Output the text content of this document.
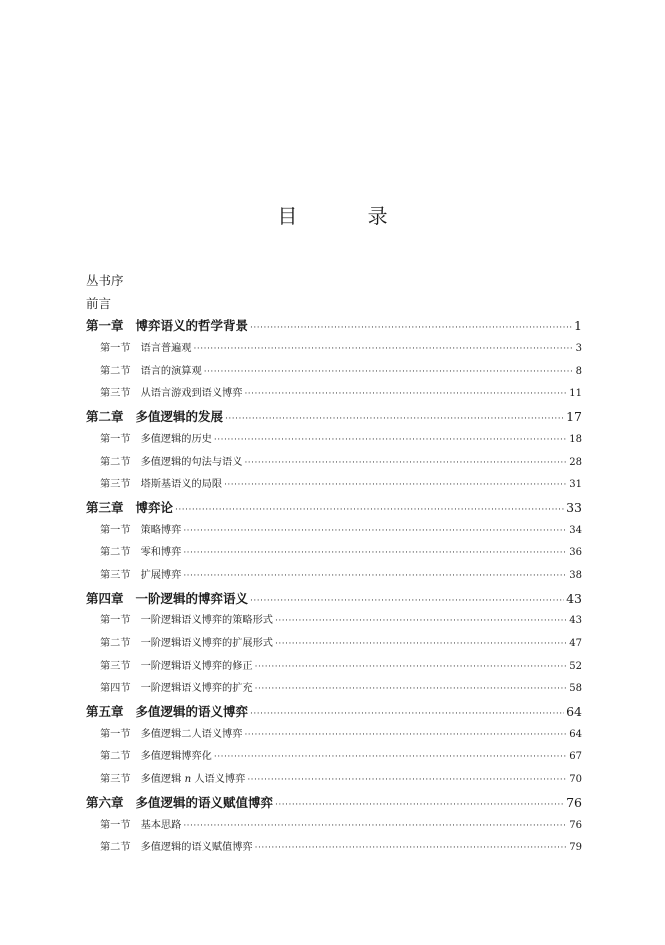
目 录
丛书序
前言
第一章 博弈语义的哲学背景 ·····	1
第一节 语言普遍观 ·····	3
第二节 语言的演算观 ·····	8
第三节 从语言游戏到语义博弈 ·····	11
第二章 多值逻辑的发展 ·····	17
第一节 多值逻辑的历史 ·····	18
第二节 多值逻辑的句法与语义 ·····	28
第三节 塔斯基语义的局限 ·····	31
第三章 博弈论 ·····	33
第一节 策略博弈 ·····	34
第二节 零和博弈 ·····	36
第三节 扩展博弈 ·····	38
第四章 一阶逻辑的博弈语义 ·····	43
第一节 一阶逻辑语义博弈的策略形式 ·····	43
第二节 一阶逻辑语义博弈的扩展形式 ·····	47
第三节 一阶逻辑语义博弈的修正 ·····	52
第四节 一阶逻辑语义博弈的扩充 ·····	58
第五章 多值逻辑的语义博弈 ·····	64
第一节 多值逻辑二人语义博弈 ·····	64
第二节 多值逻辑博弈化 ·····	67
第三节 多值逻辑 n 人语义博弈 ·····	70
第六章 多值逻辑的语义赋值博弈 ·····	76
第一节 基本思路 ·····	76
第二节 多值逻辑的语义赋值博弈 ·····	79
